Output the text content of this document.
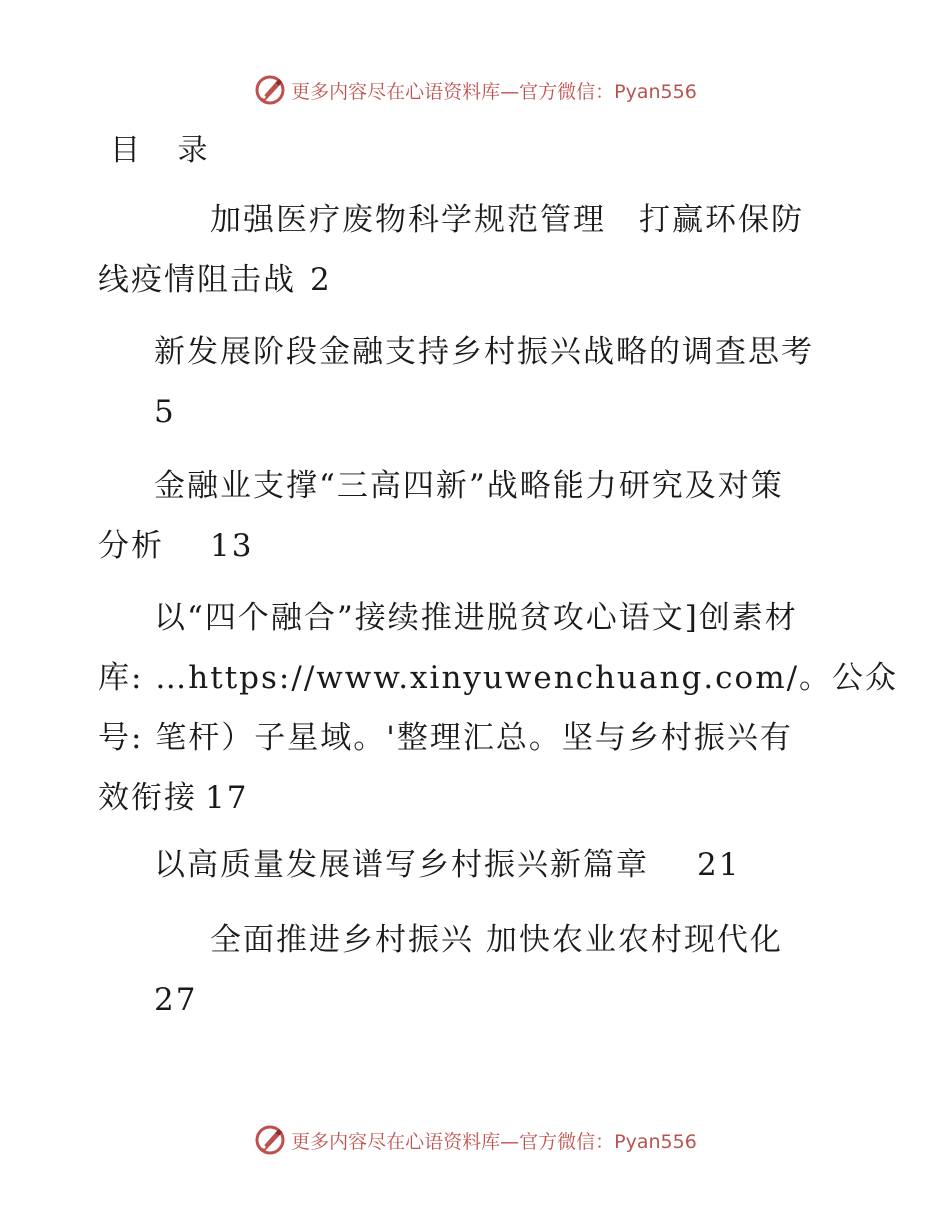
更多内容尽在心语资料库—官方微信：Pyan556
目 录
加强医疗废物科学规范管理　打赢环保防
线疫情阻击战 2
新发展阶段金融支持乡村振兴战略的调查思考
5
金融业支撑“三高四新”战略能力研究及对策
分析 13
以“四个融合”接续推进脱贫攻心语文]创素材
库: …https://www.xinyuwenchuang.com/。公众
号: 笔杆）子星域。'整理汇总。坚与乡村振兴有
效衔接 17
以高质量发展谱写乡村振兴新篇章 21
全面推进乡村振兴 加快农业农村现代化
27
更多内容尽在心语资料库—官方微信：Pyan556
